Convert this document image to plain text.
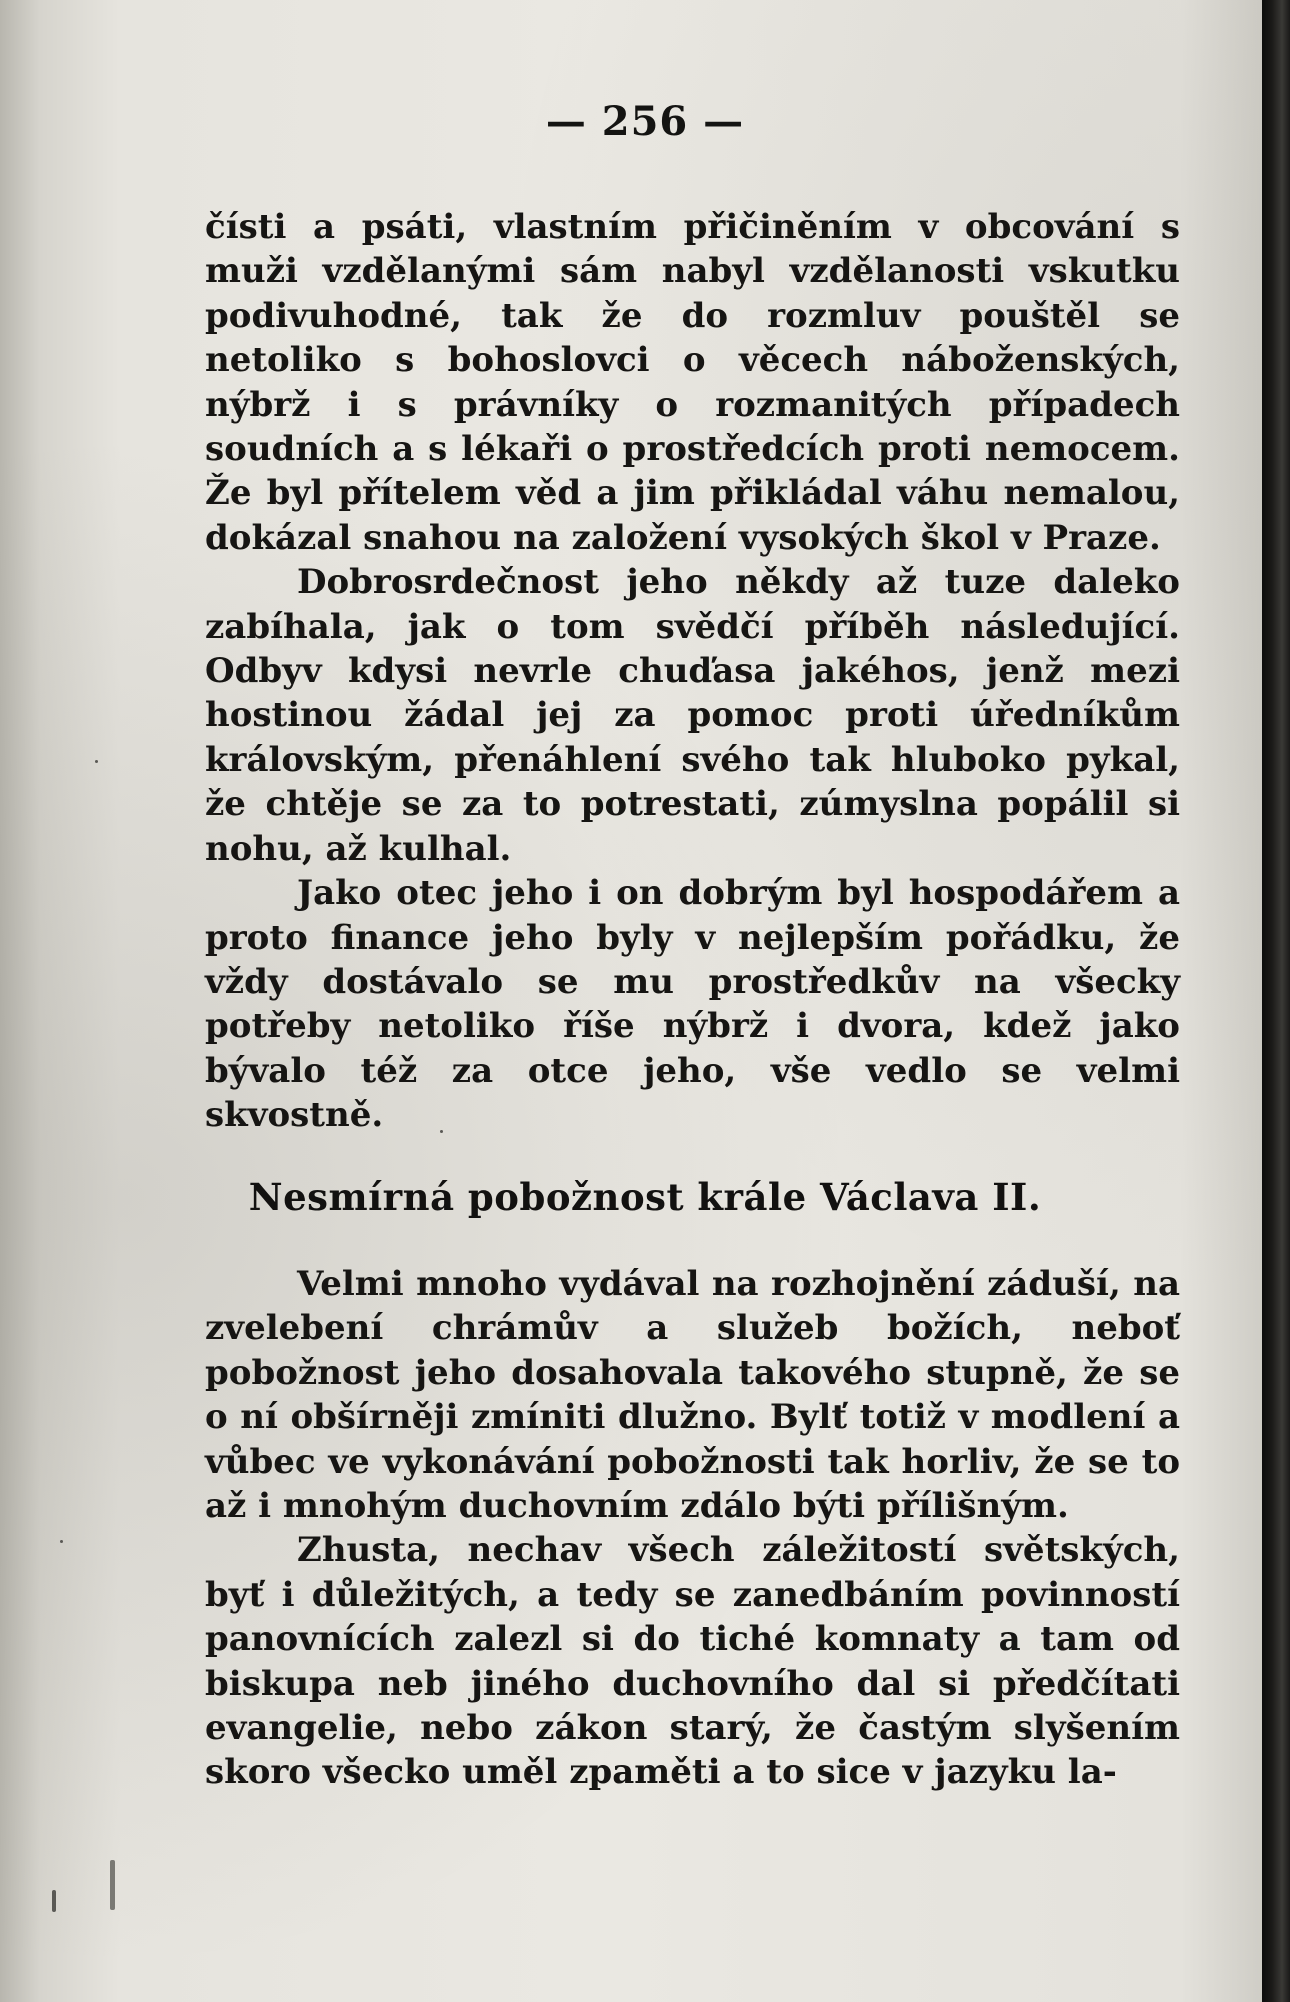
— 256 —

čísti a psáti, vlastním přičiněním v obcování s muži vzdělanými sám nabyl vzdělanosti vskutku podivuhodné, tak že do rozmluv pouštěl se netoliko s bohoslovci o věcech náboženských, nýbrž i s právníky o rozmanitých případech soudních a s lékaři o prostředcích proti nemocem. Že byl přítelem věd a jim přikládal váhu nemalou, dokázal snahou na založení vysokých škol v Praze.

Dobrosrdečnost jeho někdy až tuze daleko zabíhala, jak o tom svědčí příběh následující. Odbyv kdysi nevrle chuďasa jakéhos, jenž mezi hostinou žádal jej za pomoc proti úředníkům královským, přenáhlení svého tak hluboko pykal, že chtěje se za to potrestati, zúmyslna popálil si nohu, až kulhal.

Jako otec jeho i on dobrým byl hospodářem a proto finance jeho byly v nejlepším pořádku, že vždy dostávalo se mu prostředkův na všecky potřeby netoliko říše nýbrž i dvora, kdež jako bývalo též za otce jeho, vše vedlo se velmi skvostně.

Nesmírná pobožnost krále Václava II.

Velmi mnoho vydával na rozhojnění záduší, na zvelebení chrámův a služeb božích, neboť pobožnost jeho dosahovala takového stupně, že se o ní obšírněji zmíniti dlužno. Bylť totiž v modlení a vůbec ve vykonávání pobožnosti tak horliv, že se to až i mnohým duchovním zdálo býti přílišným.

Zhusta, nechav všech záležitostí světských, byť i důležitých, a tedy se zanedbáním povinností panovnících zalezl si do tiché komnaty a tam od biskupa neb jiného duchovního dal si předčítati evangelie, nebo zákon starý, že častým slyšením skoro všecko uměl zpaměti a to sice v jazyku la-
